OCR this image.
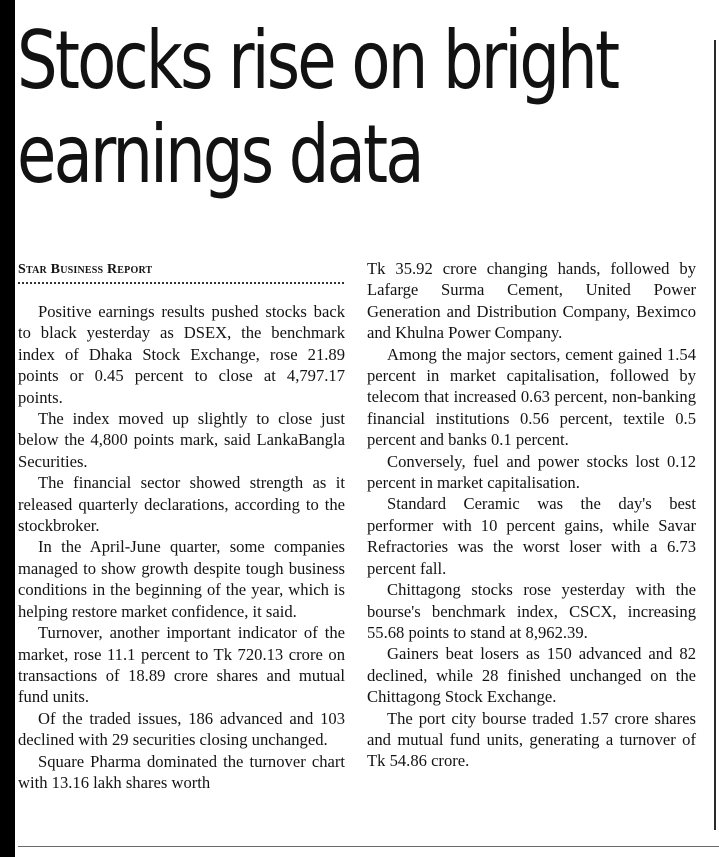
Stocks rise on bright
earnings data
Star Business Report

Positive earnings results pushed stocks back to black yesterday as DSEX, the benchmark index of Dhaka Stock Exchange, rose 21.89 points or 0.45 percent to close at 4,797.17 points.

The index moved up slightly to close just below the 4,800 points mark, said LankaBangla Securities.

The financial sector showed strength as it released quarterly declarations, according to the stockbroker.

In the April-June quarter, some companies managed to show growth despite tough business conditions in the beginning of the year, which is helping restore market confidence, it said.

Turnover, another important indicator of the market, rose 11.1 percent to Tk 720.13 crore on transactions of 18.89 crore shares and mutual fund units.

Of the traded issues, 186 advanced and 103 declined with 29 securities closing unchanged.

Square Pharma dominated the turnover chart with 13.16 lakh shares worth

Tk 35.92 crore changing hands, followed by Lafarge Surma Cement, United Power Generation and Distribution Company, Beximco and Khulna Power Company.

Among the major sectors, cement gained 1.54 percent in market capitalisation, followed by telecom that increased 0.63 percent, non-banking financial institutions 0.56 percent, textile 0.5 percent and banks 0.1 percent.

Conversely, fuel and power stocks lost 0.12 percent in market capitalisation.

Standard Ceramic was the day's best performer with 10 percent gains, while Savar Refractories was the worst loser with a 6.73 percent fall.

Chittagong stocks rose yesterday with the bourse's benchmark index, CSCX, increasing 55.68 points to stand at 8,962.39.

Gainers beat losers as 150 advanced and 82 declined, while 28 finished unchanged on the Chittagong Stock Exchange.

The port city bourse traded 1.57 crore shares and mutual fund units, generating a turnover of Tk 54.86 crore.
